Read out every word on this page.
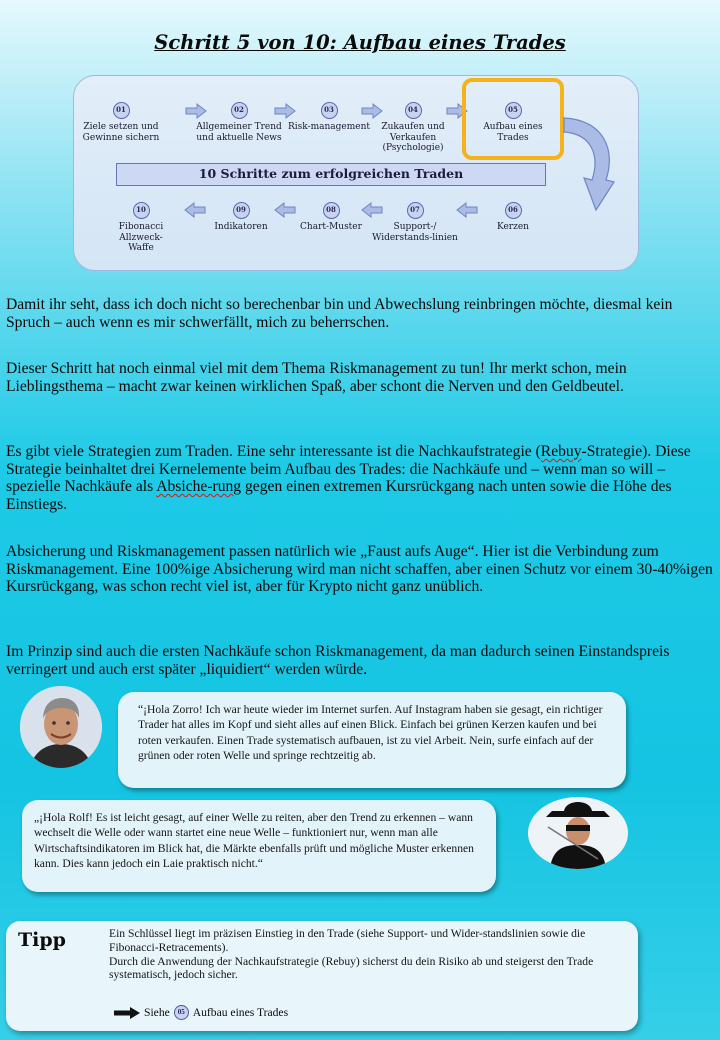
Schritt 5 von 10: Aufbau eines Trades
01
Ziele setzen und Gewinne sichern
02
Allgemeiner Trend und aktuelle News
03
Risk-management
04
Zukaufen und Verkaufen (Psychologie)
05
Aufbau eines Trades
10 Schritte zum erfolgreichen Traden
06
Kerzen
07
Support-/ Widerstands-linien
08
Chart-Muster
09
Indikatoren
10
Fibonacci Allzweck-Waffe

Damit ihr seht, dass ich doch nicht so berechenbar bin und Abwechslung reinbringen möchte, diesmal kein Spruch – auch wenn es mir schwerfällt, mich zu beherrschen.

Dieser Schritt hat noch einmal viel mit dem Thema Riskmanagement zu tun! Ihr merkt schon, mein Lieblingsthema – macht zwar keinen wirklichen Spaß, aber schont die Nerven und den Geldbeutel.

Es gibt viele Strategien zum Traden. Eine sehr interessante ist die Nachkaufstrategie (Rebuy-Strategie). Diese Strategie beinhaltet drei Kernelemente beim Aufbau des Trades: die Nachkäufe und – wenn man so will – spezielle Nachkäufe als Absiche-rung gegen einen extremen Kursrückgang nach unten sowie die Höhe des Einstiegs.

Absicherung und Riskmanagement passen natürlich wie „Faust aufs Auge“. Hier ist die Verbindung zum Riskmanagement. Eine 100%ige Absicherung wird man nicht schaffen, aber einen Schutz vor einem 30-40%igen Kursrückgang, was schon recht viel ist, aber für Krypto nicht ganz unüblich.

Im Prinzip sind auch die ersten Nachkäufe schon Riskmanagement, da man dadurch seinen Einstandspreis verringert und auch erst später „liquidiert“ werden würde.

“¡Hola Zorro! Ich war heute wieder im Internet surfen. Auf Instagram haben sie gesagt, ein richtiger Trader hat alles im Kopf und sieht alles auf einen Blick. Einfach bei grünen Kerzen kaufen und bei roten verkaufen. Einen Trade systematisch aufbauen, ist zu viel Arbeit. Nein, surfe einfach auf der grünen oder roten Welle und springe rechtzeitig ab.
„¡Hola Rolf! Es ist leicht gesagt, auf einer Welle zu reiten, aber den Trend zu erkennen – wann wechselt die Welle oder wann startet eine neue Welle – funktioniert nur, wenn man alle Wirtschaftsindikatoren im Blick hat, die Märkte ebenfalls prüft und mögliche Muster erkennen kann. Dies kann jedoch ein Laie praktisch nicht.“
Tipp	Ein Schlüssel liegt im präzisen Einstieg in den Trade (siehe Support- und Wider-standslinien sowie die Fibonacci-Retracements).
Durch die Anwendung der Nachkaufstrategie (Rebuy) sicherst du dein Risiko ab und steigerst den Trade systematisch, jedoch sicher.
Siehe	05 Aufbau eines Trades
